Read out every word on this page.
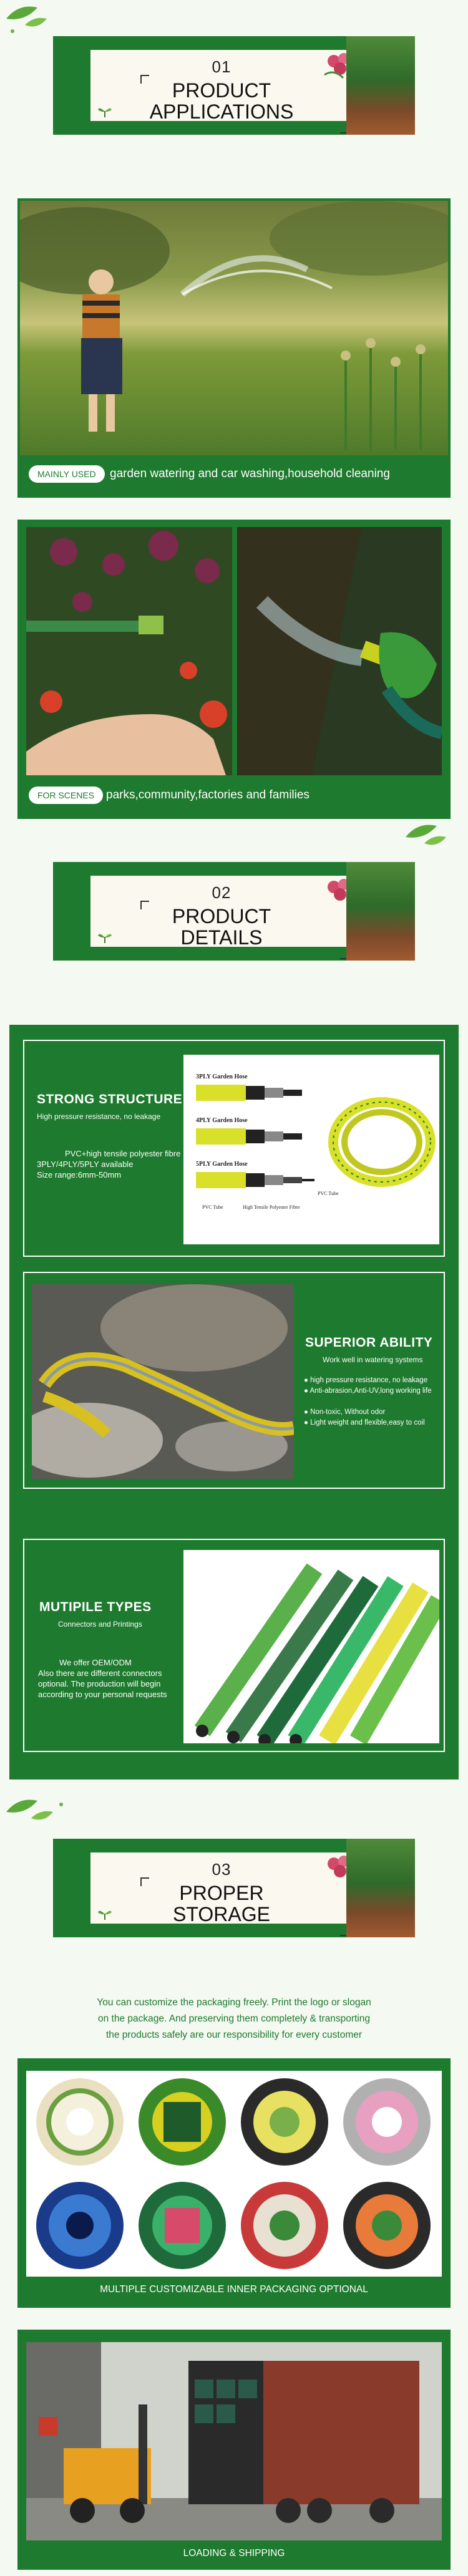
01
PRODUCT
APPLICATIONS
MAINLY USED	garden watering and car washing,household cleaning
FOR SCENES parks,community,factories and families
02
PRODUCT
DETAILS
STRONG STRUCTURE
High pressure resistance, no leakage
PVC+high tensile polyester fibre
3PLY/4PLY/5PLY available
Size range:6mm-50mm
3PLY Garden Hose
4PLY Garden Hose
5PLY Garden Hose
PVC Tube	High Tensile Polyester Fibre
PVC Tube
SUPERIOR ABILITY
Work well in watering systems
● high pressure resistance, no leakage
● Anti-abrasion,Anti-UV,long working life
● Non-toxic, Without odor
● Light weight and flexible,easy to coil
MUTIPILE TYPES
Connectors and Printings
We offer OEM/ODM
Also there are different connectors
optional. The production will begin
according to your personal requests
03
PROPER
STORAGE
You can customize the packaging freely. Print the logo or slogan
on the package. And preserving them completely & transporting
the products safely are our responsibility for every customer
MULTIPLE CUSTOMIZABLE INNER PACKAGING OPTIONAL
LOADING & SHIPPING
